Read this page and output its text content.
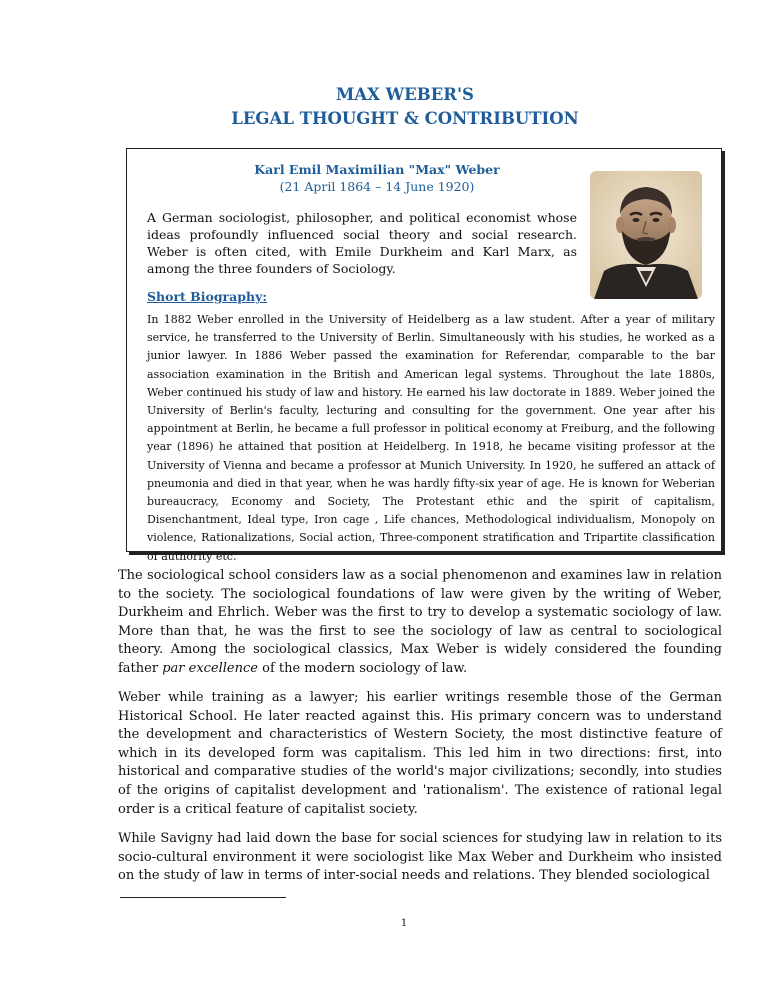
MAX WEBER'S
LEGAL THOUGHT & CONTRIBUTION
Karl Emil Maximilian "Max" Weber
(21 April 1864 – 14 June 1920)

A German sociologist, philosopher, and political economist whose ideas profoundly influenced social theory and social research. Weber is often cited, with Emile Durkheim and Karl Marx, as among the three founders of Sociology.

Short Biography:

In 1882 Weber enrolled in the University of Heidelberg as a law student. After a year of military service, he transferred to the University of Berlin. Simultaneously with his studies, he worked as a junior lawyer. In 1886 Weber passed the examination for Referendar, comparable to the bar association examination in the British and American legal systems. Throughout the late 1880s, Weber continued his study of law and history. He earned his law doctorate in 1889. Weber joined the University of Berlin's faculty, lecturing and consulting for the government. One year after his appointment at Berlin, he became a full professor in political economy at Freiburg, and the following year (1896) he attained that position at Heidelberg. In 1918, he became visiting professor at the University of Vienna and became a professor at Munich University. In 1920, he suffered an attack of pneumonia and died in that year, when he was hardly fifty-six year of age. He is known for Weberian bureaucracy, Economy and Society, The Protestant ethic and the spirit of capitalism, Disenchantment, Ideal type, Iron cage , Life chances, Methodological individualism, Monopoly on violence, Rationalizations, Social action, Three-component stratification and Tripartite classification of authority etc.

The sociological school considers law as a social phenomenon and examines law in relation to the society. The sociological foundations of law were given by the writing of Weber, Durkheim and Ehrlich. Weber was the first to try to develop a systematic sociology of law. More than that, he was the first to see the sociology of law as central to sociological theory. Among the sociological classics, Max Weber is widely considered the founding father par excellence of the modern sociology of law.

Weber while training as a lawyer; his earlier writings resemble those of the German Historical School. He later reacted against this. His primary concern was to understand the development and characteristics of Western Society, the most distinctive feature of which in its developed form was capitalism. This led him in two directions: first, into historical and comparative studies of the world's major civilizations; secondly, into studies of the origins of capitalist development and 'rationalism'. The existence of rational legal order is a critical feature of capitalist society.

While Savigny had laid down the base for social sciences for studying law in relation to its socio-cultural environment it were sociologist like Max Weber and Durkheim who insisted on the study of law in terms of inter-social needs and relations. They blended sociological

1
